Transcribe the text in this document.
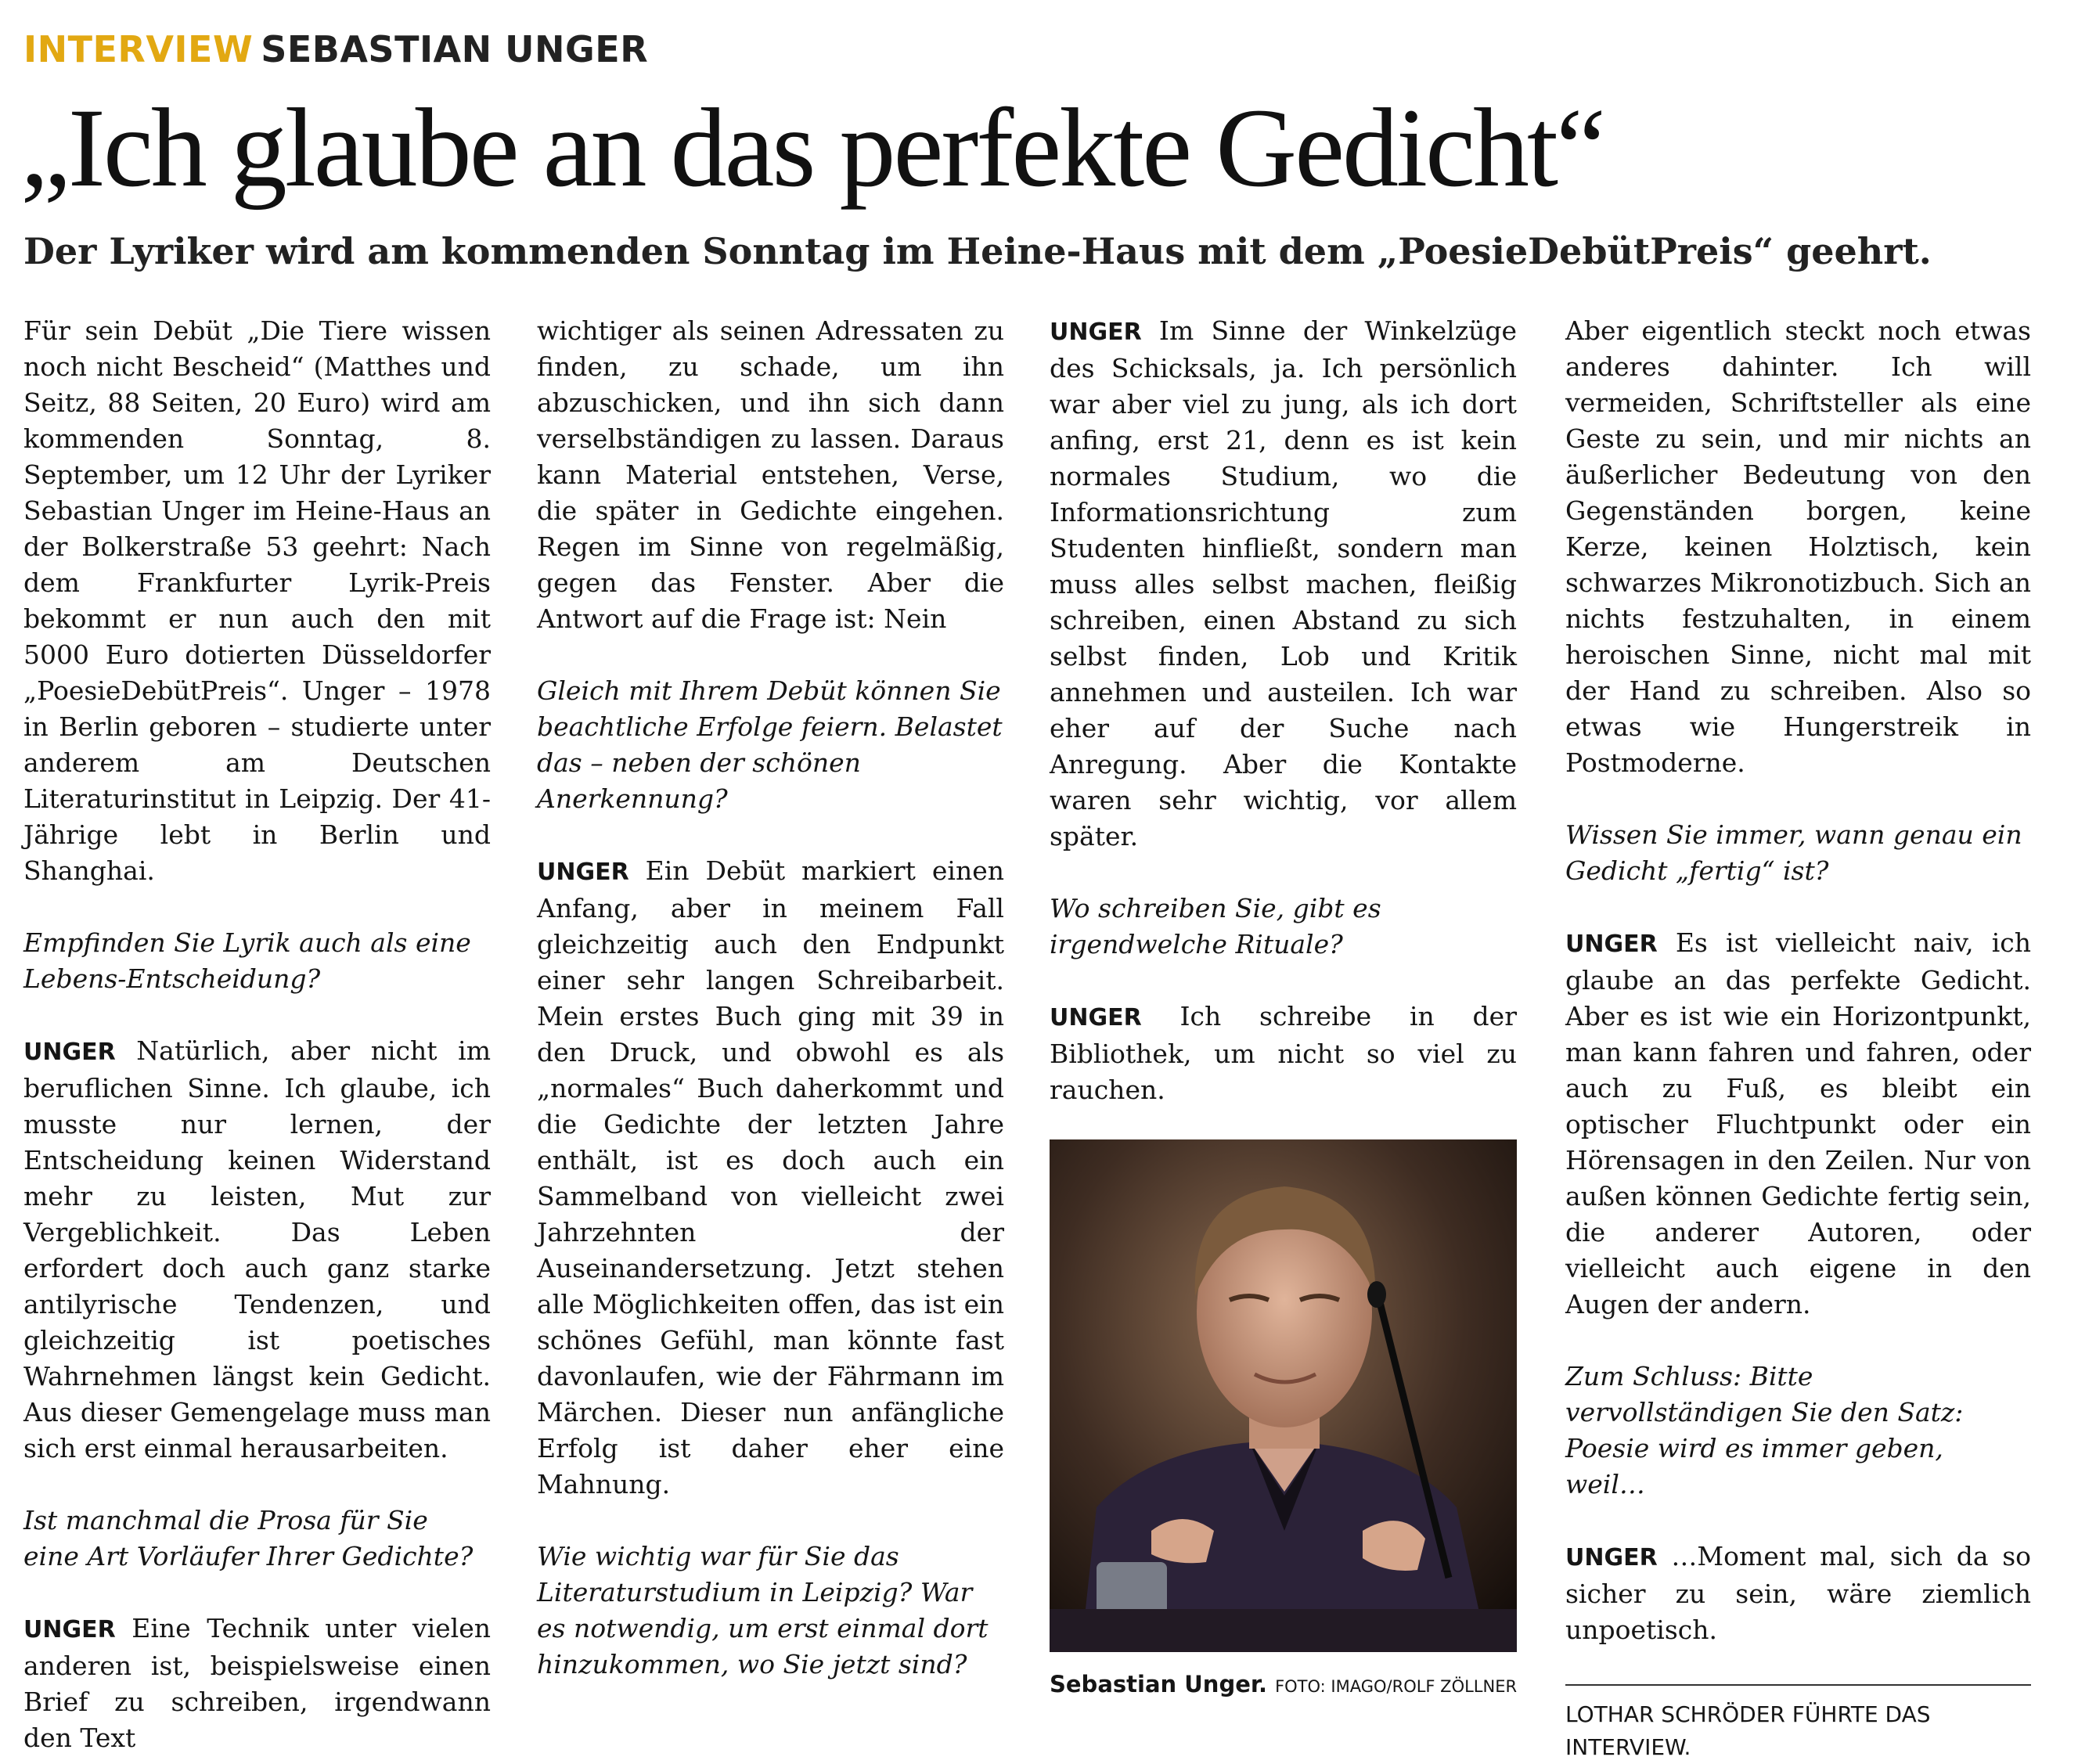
INTERVIEW SEBASTIAN UNGER
„Ich glaube an das perfekte Gedicht“
Der Lyriker wird am kommenden Sonntag im Heine-Haus mit dem „PoesieDebütPreis“ geehrt.

Für sein Debüt „Die Tiere wissen noch nicht Bescheid“ (Matthes und Seitz, 88 Seiten, 20 Euro) wird am kommenden Sonntag, 8. September, um 12 Uhr der Lyriker Sebastian Unger im Heine-Haus an der Bolkerstraße 53 geehrt: Nach dem Frankfurter Lyrik-Preis bekommt er nun auch den mit 5000 Euro dotierten Düsseldorfer „PoesieDebütPreis“. Unger – 1978 in Berlin geboren – studierte unter anderem am Deutschen Literaturinstitut in Leipzig. Der 41-Jährige lebt in Berlin und Shanghai.

Empfinden Sie Lyrik auch als eine Lebens-Entscheidung?

UNGER Natürlich, aber nicht im beruflichen Sinne. Ich glaube, ich musste nur lernen, der Entscheidung keinen Widerstand mehr zu leisten, Mut zur Vergeblichkeit. Das Leben erfordert doch auch ganz starke antilyrische Tendenzen, und gleichzeitig ist poetisches Wahrnehmen längst kein Gedicht. Aus dieser Gemengelage muss man sich erst einmal herausarbeiten.

Ist manchmal die Prosa für Sie eine Art Vorläufer Ihrer Gedichte?

UNGER Eine Technik unter vielen anderen ist, beispielsweise einen Brief zu schreiben, irgendwann den Text

wichtiger als seinen Adressaten zu finden, zu schade, um ihn abzuschicken, und ihn sich dann verselbständigen zu lassen. Daraus kann Material entstehen, Verse, die später in Gedichte eingehen. Regen im Sinne von regelmäßig, gegen das Fenster. Aber die Antwort auf die Frage ist: Nein

Gleich mit Ihrem Debüt können Sie beachtliche Erfolge feiern. Belastet das – neben der schönen Anerkennung?

UNGER Ein Debüt markiert einen Anfang, aber in meinem Fall gleichzeitig auch den Endpunkt einer sehr langen Schreibarbeit. Mein erstes Buch ging mit 39 in den Druck, und obwohl es als „normales“ Buch daherkommt und die Gedichte der letzten Jahre enthält, ist es doch auch ein Sammelband von vielleicht zwei Jahrzehnten der Auseinandersetzung. Jetzt stehen alle Möglichkeiten offen, das ist ein schönes Gefühl, man könnte fast davonlaufen, wie der Fährmann im Märchen. Dieser nun anfängliche Erfolg ist daher eher eine Mahnung.

Wie wichtig war für Sie das Literaturstudium in Leipzig? War es notwendig, um erst einmal dort hinzukommen, wo Sie jetzt sind?

UNGER Im Sinne der Winkelzüge des Schicksals, ja. Ich persönlich war aber viel zu jung, als ich dort anfing, erst 21, denn es ist kein normales Studium, wo die Informationsrichtung zum Studenten hinfließt, sondern man muss alles selbst machen, fleißig schreiben, einen Abstand zu sich selbst finden, Lob und Kritik annehmen und austeilen. Ich war eher auf der Suche nach Anregung. Aber die Kontakte waren sehr wichtig, vor allem später.

Wo schreiben Sie, gibt es irgendwelche Rituale?

UNGER Ich schreibe in der Bibliothek, um nicht so viel zu rauchen.

Sebastian Unger. FOTO: IMAGO/ROLF ZÖLLNER

Aber eigentlich steckt noch etwas anderes dahinter. Ich will vermeiden, Schriftsteller als eine Geste zu sein, und mir nichts an äußerlicher Bedeutung von den Gegenständen borgen, keine Kerze, keinen Holztisch, kein schwarzes Mikronotizbuch. Sich an nichts festzuhalten, in einem heroischen Sinne, nicht mal mit der Hand zu schreiben. Also so etwas wie Hungerstreik in Postmoderne.

Wissen Sie immer, wann genau ein Gedicht „fertig“ ist?

UNGER Es ist vielleicht naiv, ich glaube an das perfekte Gedicht. Aber es ist wie ein Horizontpunkt, man kann fahren und fahren, oder auch zu Fuß, es bleibt ein optischer Fluchtpunkt oder ein Hörensagen in den Zeilen. Nur von außen können Gedichte fertig sein, die anderer Autoren, oder vielleicht auch eigene in den Augen der andern.

Zum Schluss: Bitte vervollständigen Sie den Satz: Poesie wird es immer geben, weil…

UNGER …Moment mal, sich da so sicher zu sein, wäre ziemlich unpoetisch.

LOTHAR SCHRÖDER FÜHRTE DAS INTERVIEW.
